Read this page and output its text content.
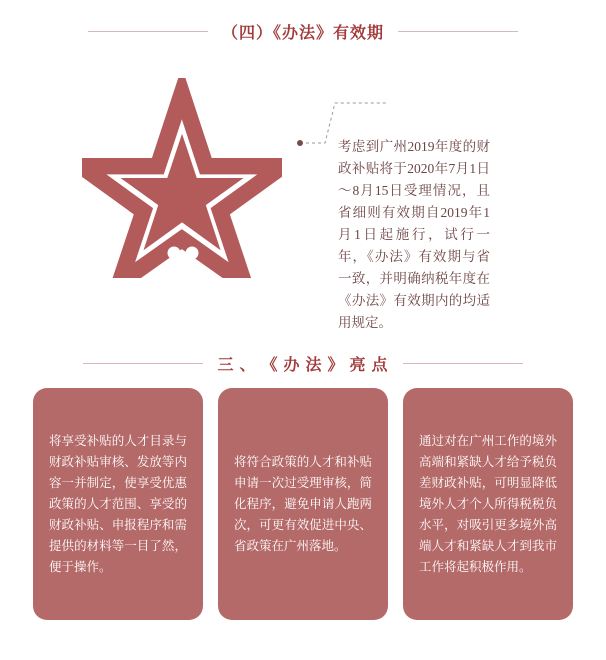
（四）《办法》有效期

考虑到广州2019年度的财政补贴将于2020年7月1日～8月15日受理情况，且省细则有效期自2019年1月1日起施行，试行一年，《办法》有效期与省一致，并明确纳税年度在《办法》有效期内的均适用规定。

三 、 《 办 法 》 亮 点
将享受补贴的人才目录与财政补贴审核、发放等内容一并制定，使享受优惠政策的人才范围、享受的财政补贴、申报程序和需提供的材料等一目了然，便于操作。
将符合政策的人才和补贴申请一次过受理审核，简化程序，避免申请人跑两次，可更有效促进中央、省政策在广州落地。
通过对在广州工作的境外高端和紧缺人才给予税负差财政补贴，可明显降低境外人才个人所得税税负水平，对吸引更多境外高端人才和紧缺人才到我市工作将起积极作用。
